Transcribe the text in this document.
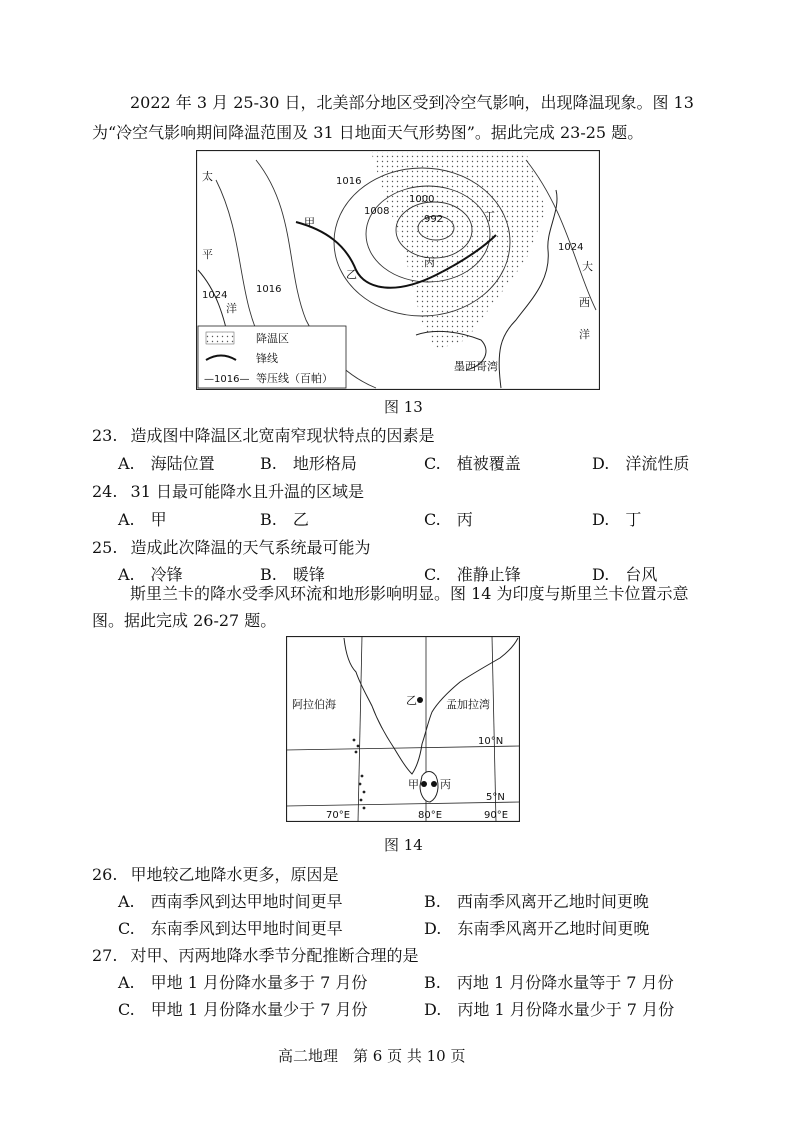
2022 年 3 月 25-30 日，北美部分地区受到冷空气影响，出现降温现象。图 13
为“冷空气影响期间降温范围及 31 日地面天气形势图”。据此完成 23-25 题。
1016
1008
1000
992
1024
1024
1016
甲
乙
丙
丁
太
平
洋
大
西
洋
墨西哥湾
降温区
锋线
—1016— 等压线（百帕）
图 13
23. 造成图中降温区北宽南窄现状特点的因素是
A.　 海陆位置	B.　 地形格局	C.　 植被覆盖	D.　 洋流性质
24. 31 日最可能降水且升温的区域是
A.　 甲	B.　 乙	C.　 丙	D.　 丁
25. 造成此次降温的天气系统最可能为
A.　 冷锋	B.　 暖锋	C.　 准静止锋	D.　 台风
斯里兰卡的降水受季风环流和地形影响明显。图 14 为印度与斯里兰卡位置示意
图。据此完成 26-27 题。
乙
甲 丙
阿拉伯海	孟加拉湾
10°N
5°N
70°E	80°E	90°E
图 14
26. 甲地较乙地降水更多，原因是
A.　 西南季风到达甲地时间更早	B.　 西南季风离开乙地时间更晚
C.　 东南季风到达甲地时间更早	D.　 东南季风离开乙地时间更晚
27. 对甲、丙两地降水季节分配推断合理的是
A.　 甲地 1 月份降水量多于 7 月份	B.　 丙地 1 月份降水量等于 7 月份
C.　 甲地 1 月份降水量少于 7 月份	D.　 丙地 1 月份降水量少于 7 月份
高二地理　第 6 页 共 10 页
